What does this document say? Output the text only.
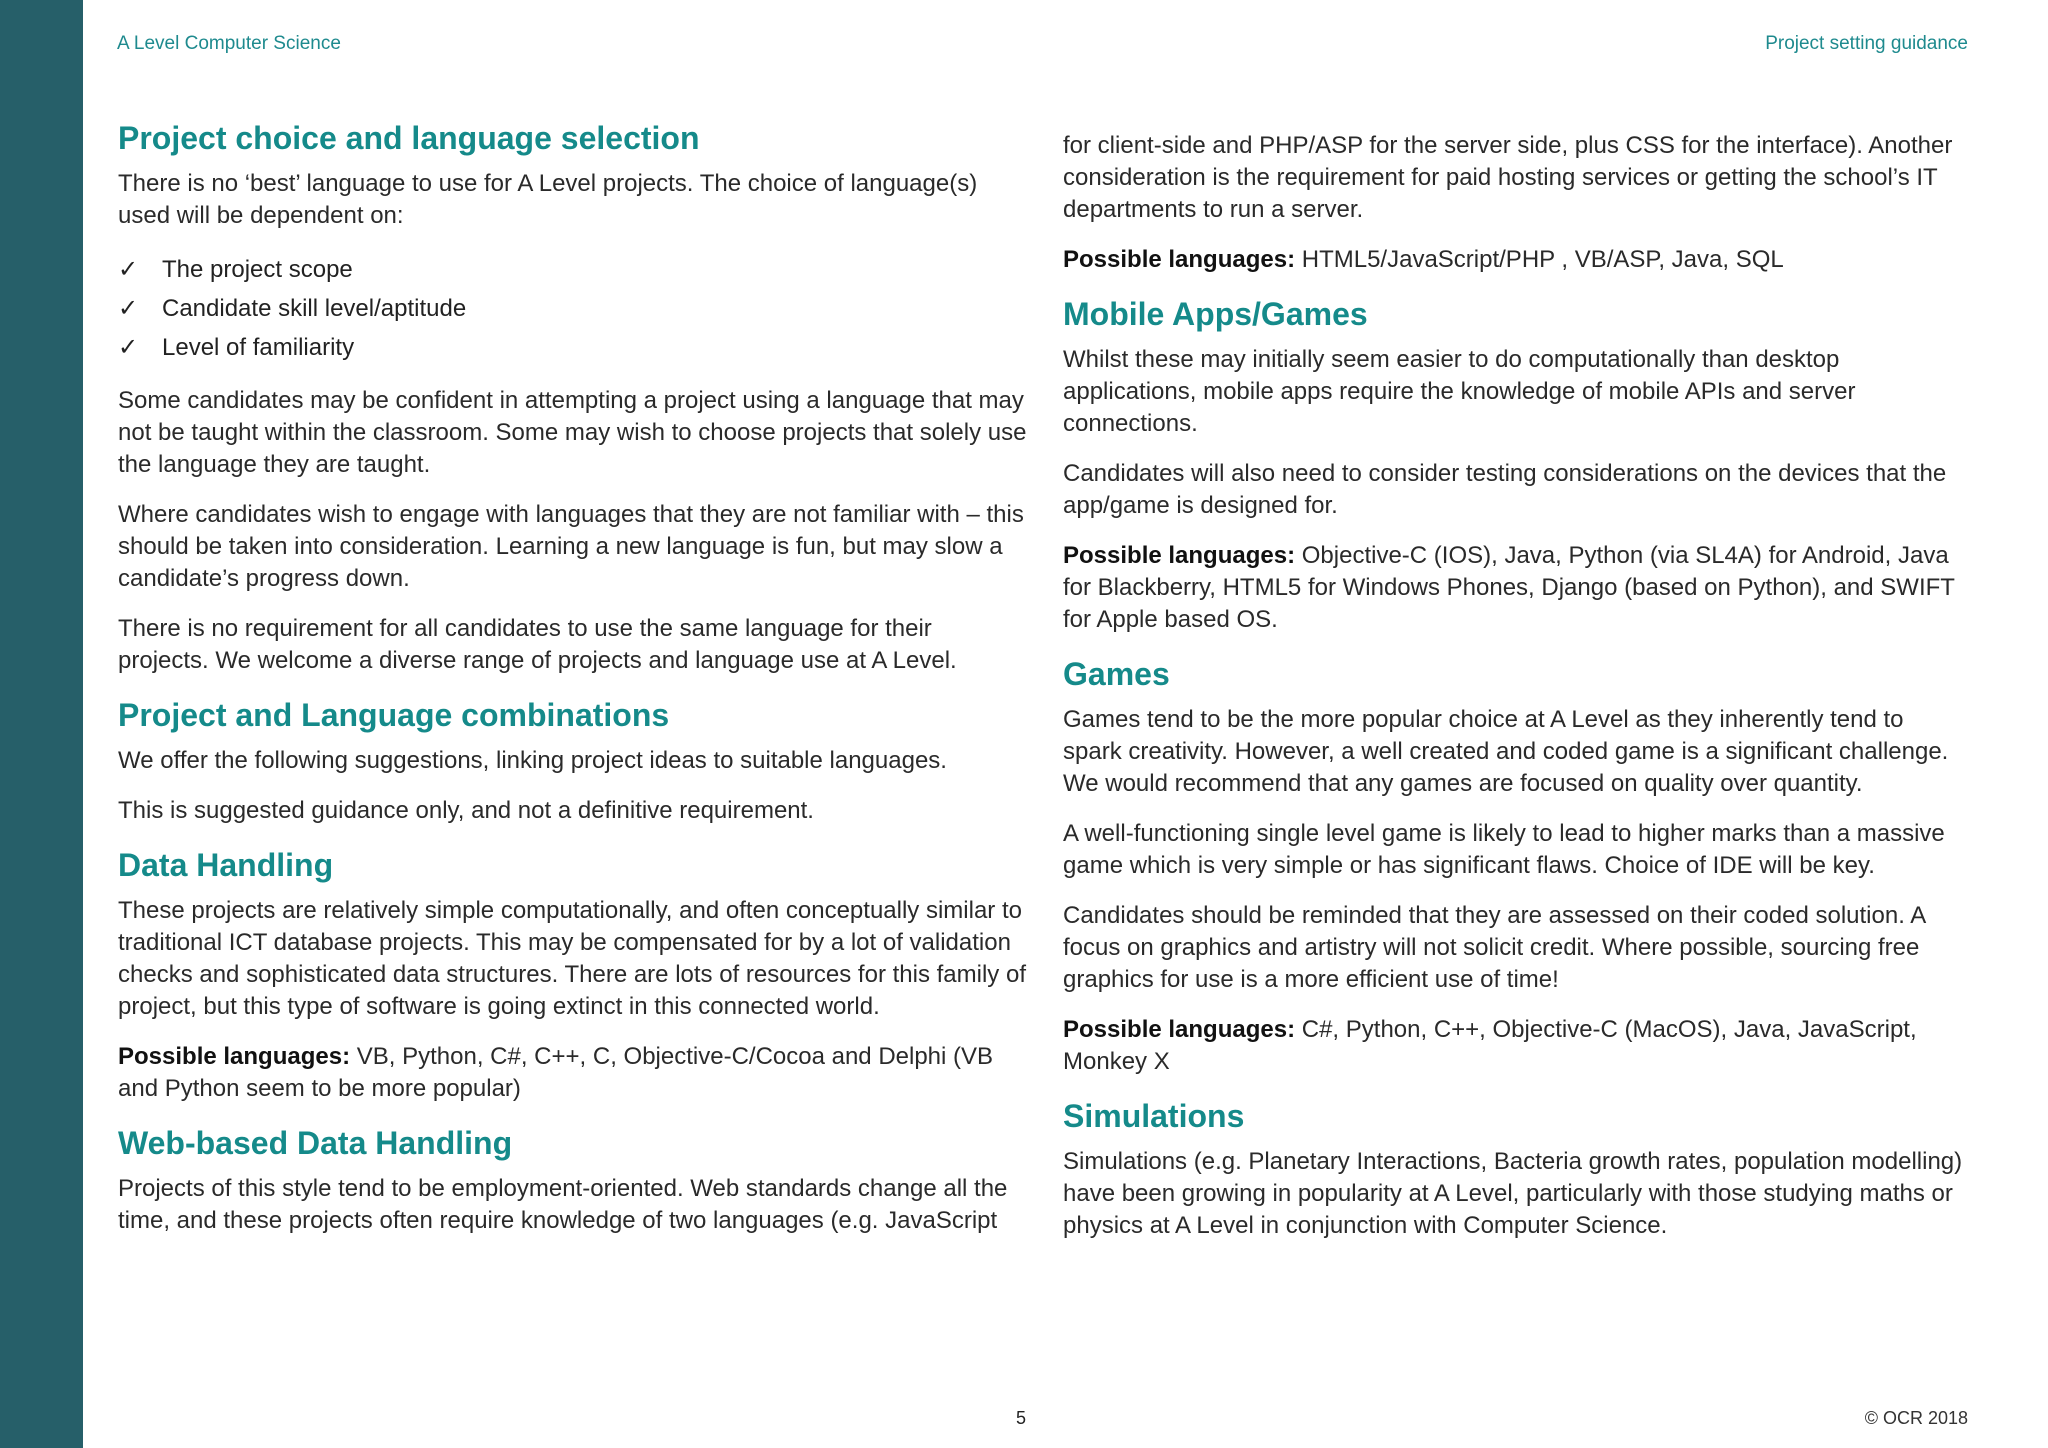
A Level Computer Science	Project setting guidance
Project choice and language selection

There is no ‘best’ language to use for A Level projects. The choice of language(s) used will be dependent on:

✓ The project scope
✓ Candidate skill level/aptitude
✓ Level of familiarity

Some candidates may be confident in attempting a project using a language that may not be taught within the classroom. Some may wish to choose projects that solely use the language they are taught.

Where candidates wish to engage with languages that they are not familiar with – this should be taken into consideration. Learning a new language is fun, but may slow a candidate’s progress down.

There is no requirement for all candidates to use the same language for their projects. We welcome a diverse range of projects and language use at A Level.

Project and Language combinations

We offer the following suggestions, linking project ideas to suitable languages.

This is suggested guidance only, and not a definitive requirement.

Data Handling

These projects are relatively simple computationally, and often conceptually similar to traditional ICT database projects. This may be compensated for by a lot of validation checks and sophisticated data structures. There are lots of resources for this family of project, but this type of software is going extinct in this connected world.

Possible languages: VB, Python, C#, C++, C, Objective-C/Cocoa and Delphi (VB and Python seem to be more popular)

Web-based Data Handling

Projects of this style tend to be employment-oriented. Web standards change all the time, and these projects often require knowledge of two languages (e.g. JavaScript

for client-side and PHP/ASP for the server side, plus CSS for the interface). Another consideration is the requirement for paid hosting services or getting the school’s IT departments to run a server.

Possible languages: HTML5/JavaScript/PHP , VB/ASP, Java, SQL

Mobile Apps/Games

Whilst these may initially seem easier to do computationally than desktop applications, mobile apps require the knowledge of mobile APIs and server connections.

Candidates will also need to consider testing considerations on the devices that the app/game is designed for.

Possible languages: Objective-C (IOS), Java, Python (via SL4A) for Android, Java for Blackberry, HTML5 for Windows Phones, Django (based on Python), and SWIFT for Apple based OS.

Games

Games tend to be the more popular choice at A Level as they inherently tend to spark creativity. However, a well created and coded game is a significant challenge. We would recommend that any games are focused on quality over quantity.

A well-functioning single level game is likely to lead to higher marks than a massive game which is very simple or has significant flaws. Choice of IDE will be key.

Candidates should be reminded that they are assessed on their coded solution. A focus on graphics and artistry will not solicit credit. Where possible, sourcing free graphics for use is a more efficient use of time!

Possible languages: C#, Python, C++, Objective-C (MacOS), Java, JavaScript, Monkey X

Simulations

Simulations (e.g. Planetary Interactions, Bacteria growth rates, population modelling) have been growing in popularity at A Level, particularly with those studying maths or physics at A Level in conjunction with Computer Science.

5	© OCR 2018
